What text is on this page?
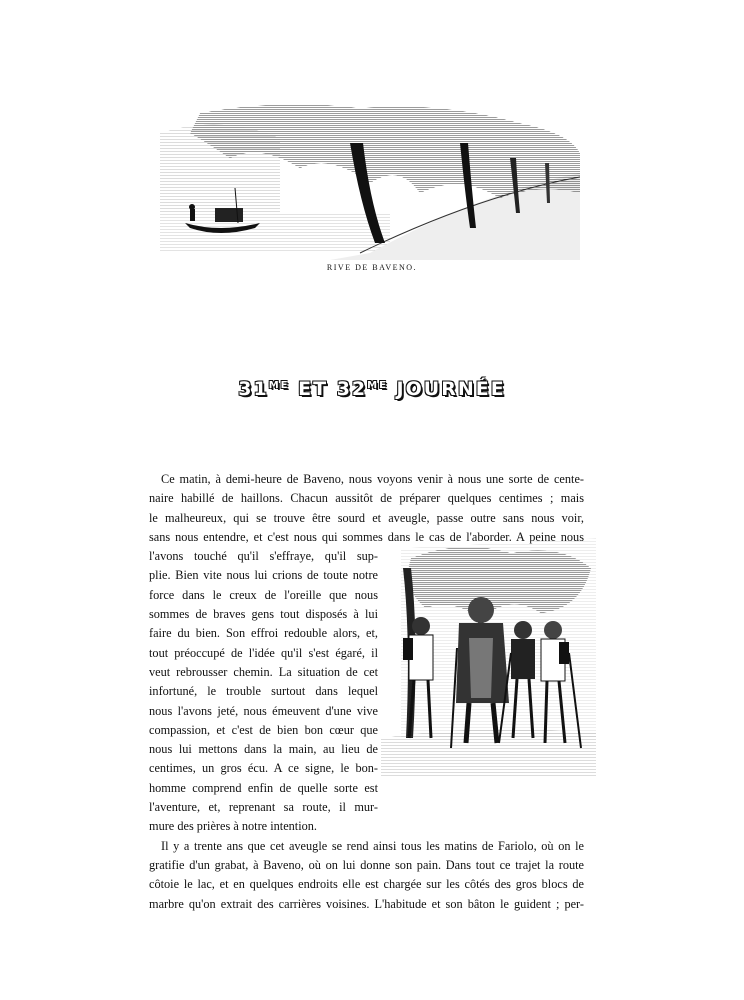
RIVE DE BAVENO.
$31^{ME}$ ET $32^{ME}$ JOURNÉE

Ce matin, à demi-heure de Baveno, nous voyons venir à nous une sorte de cente-
naire habillé de haillons. Chacun aussitôt de préparer quelques centimes ; mais
le malheureux, qui se trouve être sourd et aveugle, passe outre sans nous voir,
sans nous entendre, et c'est nous qui sommes dans le cas de l'aborder. A peine nous
l'avons touché qu'il s'effraye, qu'il sup-
plie. Bien vite nous lui crions de toute notre
force dans le creux de l'oreille que nous
sommes de braves gens tout disposés à lui
faire du bien. Son effroi redouble alors, et,
tout préoccupé de l'idée qu'il s'est égaré, il
veut rebrousser chemin. La situation de cet
infortuné, le trouble surtout dans lequel
nous l'avons jeté, nous émeuvent d'une vive
compassion, et c'est de bien bon cœur que
nous lui mettons dans la main, au lieu de
centimes, un gros écu. A ce signe, le bon-
homme comprend enfin de quelle sorte est
l'aventure, et, reprenant sa route, il mur-
mure des prières à notre intention.

Il y a trente ans que cet aveugle se rend ainsi tous les matins de Fariolo, où on le
gratifie d'un grabat, à Baveno, où on lui donne son pain. Dans tout ce trajet la route
côtoie le lac, et en quelques endroits elle est chargée sur les côtés des gros blocs de
marbre qu'on extrait des carrières voisines. L'habitude et son bâton le guident ; per-
